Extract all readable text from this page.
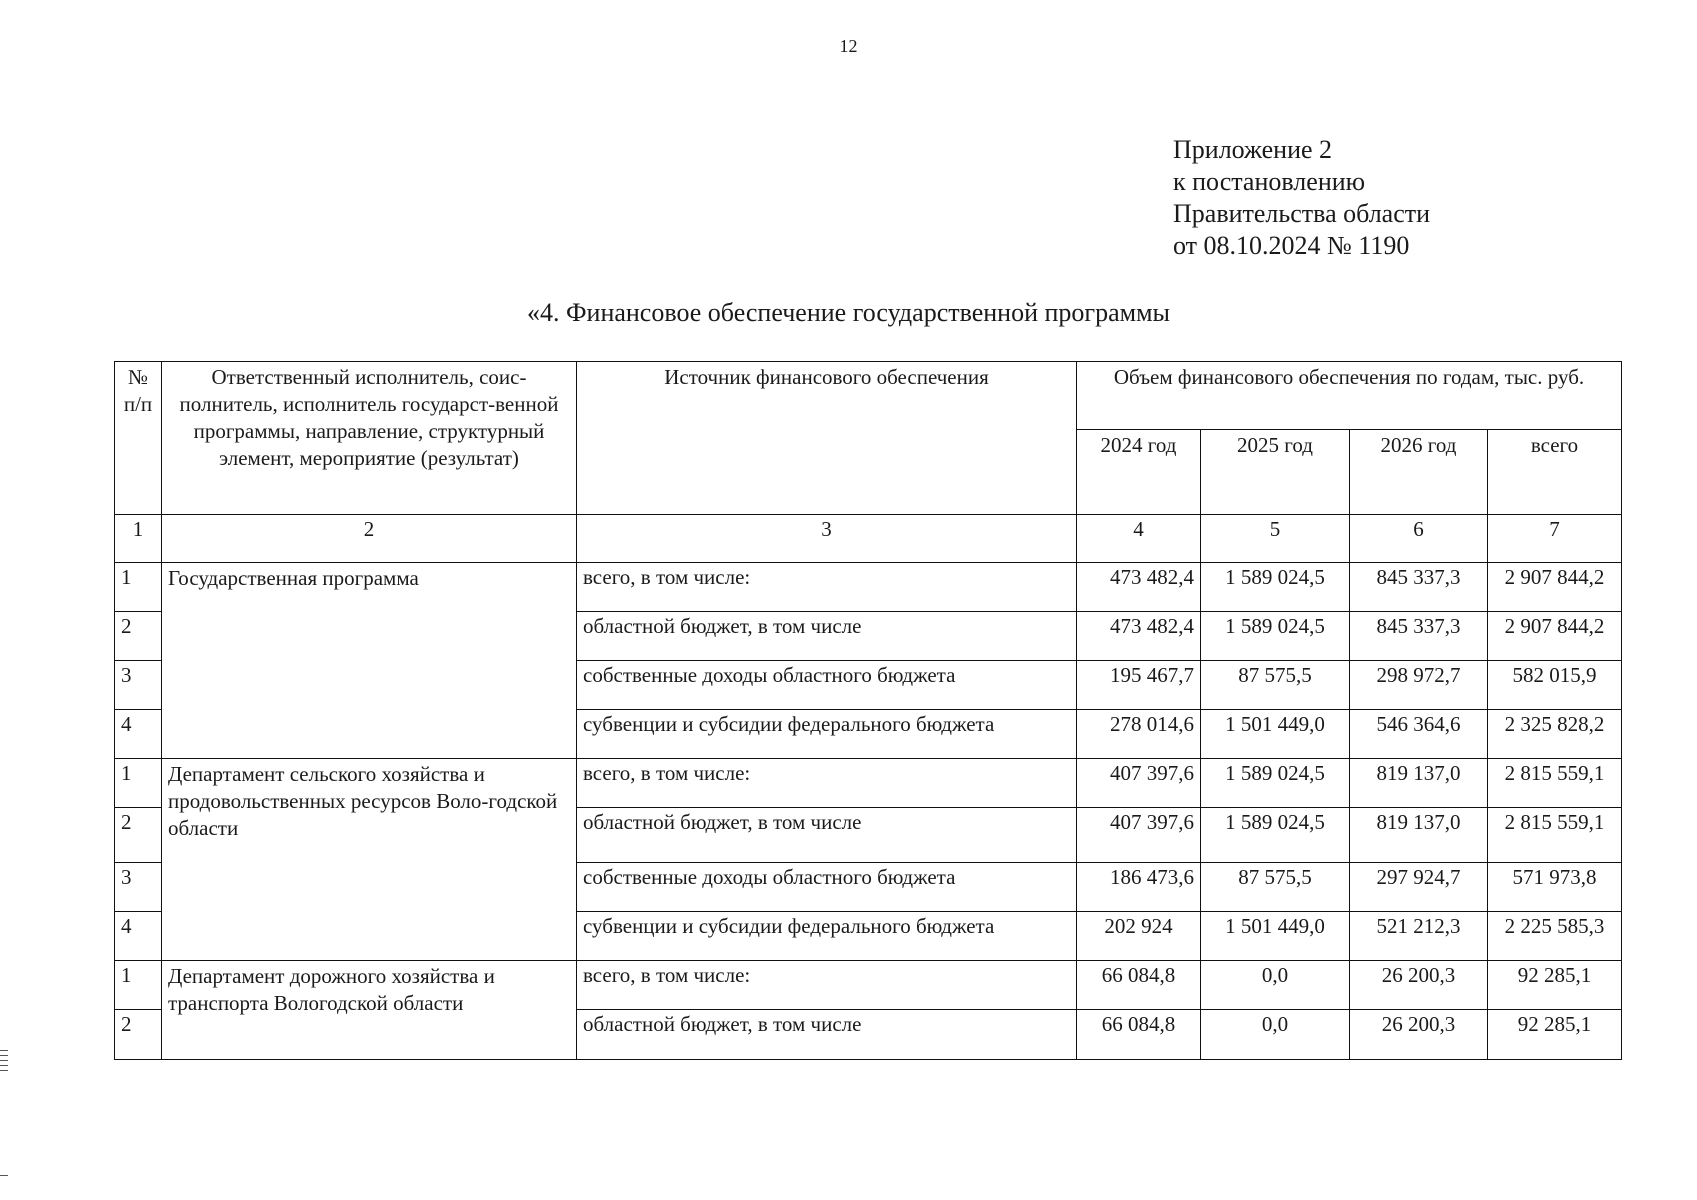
12
Приложение 2
к постановлению
Правительства области
от 08.10.2024 № 1190
«4. Финансовое обеспечение государственной программы
№ п/п	Ответственный исполнитель, соис-полнитель, исполнитель государст-венной программы, направление, структурный элемент, мероприятие (результат)	Источник финансового обеспечения	Объем финансового обеспечения по годам, тыс. руб.			
			2024 год	2025 год	2026 год	всего
1	2	3	4	5	6	7
1	Государственная программа	всего, в том числе:	473 482,4	1 589 024,5	845 337,3	2 907 844,2
2		областной бюджет, в том числе	473 482,4	1 589 024,5	845 337,3	2 907 844,2
3		собственные доходы областного бюджета	195 467,7	87 575,5	298 972,7	582 015,9
4		субвенции и субсидии федерального бюджета	278 014,6	1 501 449,0	546 364,6	2 325 828,2
1	Департамент сельского хозяйства и продовольственных ресурсов Воло-годской области	всего, в том числе:	407 397,6	1 589 024,5	819 137,0	2 815 559,1
2		областной бюджет, в том числе	407 397,6	1 589 024,5	819 137,0	2 815 559,1
3		собственные доходы областного бюджета	186 473,6	87 575,5	297 924,7	571 973,8
4		субвенции и субсидии федерального бюджета	202 924	1 501 449,0	521 212,3	2 225 585,3
1	Департамент дорожного хозяйства и транспорта Вологодской области	всего, в том числе:	66 084,8	0,0	26 200,3	92 285,1
2		областной бюджет, в том числе	66 084,8	0,0	26 200,3	92 285,1
